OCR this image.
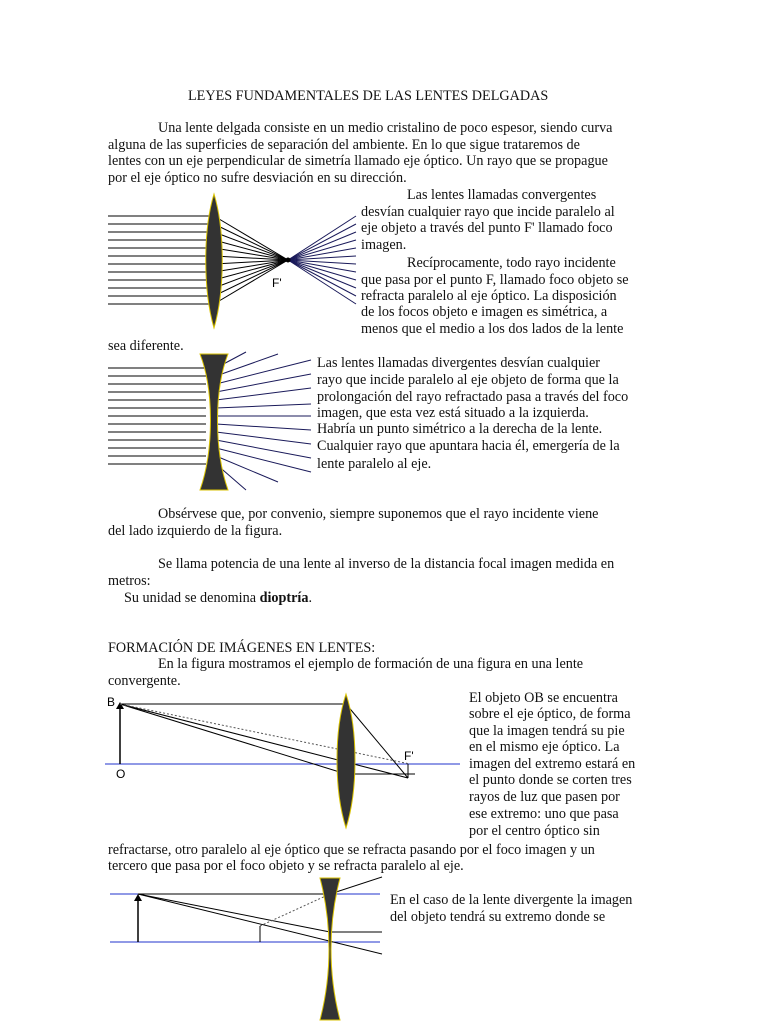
LEYES FUNDAMENTALES DE LAS LENTES DELGADAS
Una lente delgada consiste en un medio cristalino de poco espesor, siendo curva
alguna de las superficies de separación del ambiente. En lo que sigue trataremos de
lentes con un eje perpendicular de simetría llamado eje óptico. Un rayo que se propague
por el eje óptico no sufre desviación en su dirección.
F'
Las lentes llamadas convergentes
desvían cualquier rayo que incide paralelo al
eje objeto a través del punto F' llamado foco
imagen.
Recíprocamente, todo rayo incidente
que pasa por el punto F, llamado foco objeto se
refracta paralelo al eje óptico. La disposición
de los focos objeto e imagen es simétrica, a
menos que el medio a los dos lados de la lente
sea diferente.
Las lentes llamadas divergentes desvían cualquier
rayo que incide paralelo al eje objeto de forma que la
prolongación del rayo refractado pasa a través del foco
imagen, que esta vez está situado a la izquierda.
Habría un punto simétrico a la derecha de la lente.
Cualquier rayo que apuntara hacia él, emergería de la
lente paralelo al eje.
Obsérvese que, por convenio, siempre suponemos que el rayo incidente viene
del lado izquierdo de la figura.
Se llama potencia de una lente al inverso de la distancia focal imagen medida en
metros:
Su unidad se denomina dioptría.
FORMACIÓN DE IMÁGENES EN LENTES:
En la figura mostramos el ejemplo de formación de una figura en una lente
convergente.
B
O
F'
El objeto OB se encuentra
sobre el eje óptico, de forma
que la imagen tendrá su pie
en el mismo eje óptico. La
imagen del extremo estará en
el punto donde se corten tres
rayos de luz que pasen por
ese extremo: uno que pasa
por el centro óptico sin
refractarse, otro paralelo al eje óptico que se refracta pasando por el foco imagen y un
tercero que pasa por el foco objeto y se refracta paralelo al eje.
En el caso de la lente divergente la imagen
del objeto tendrá su extremo donde se
